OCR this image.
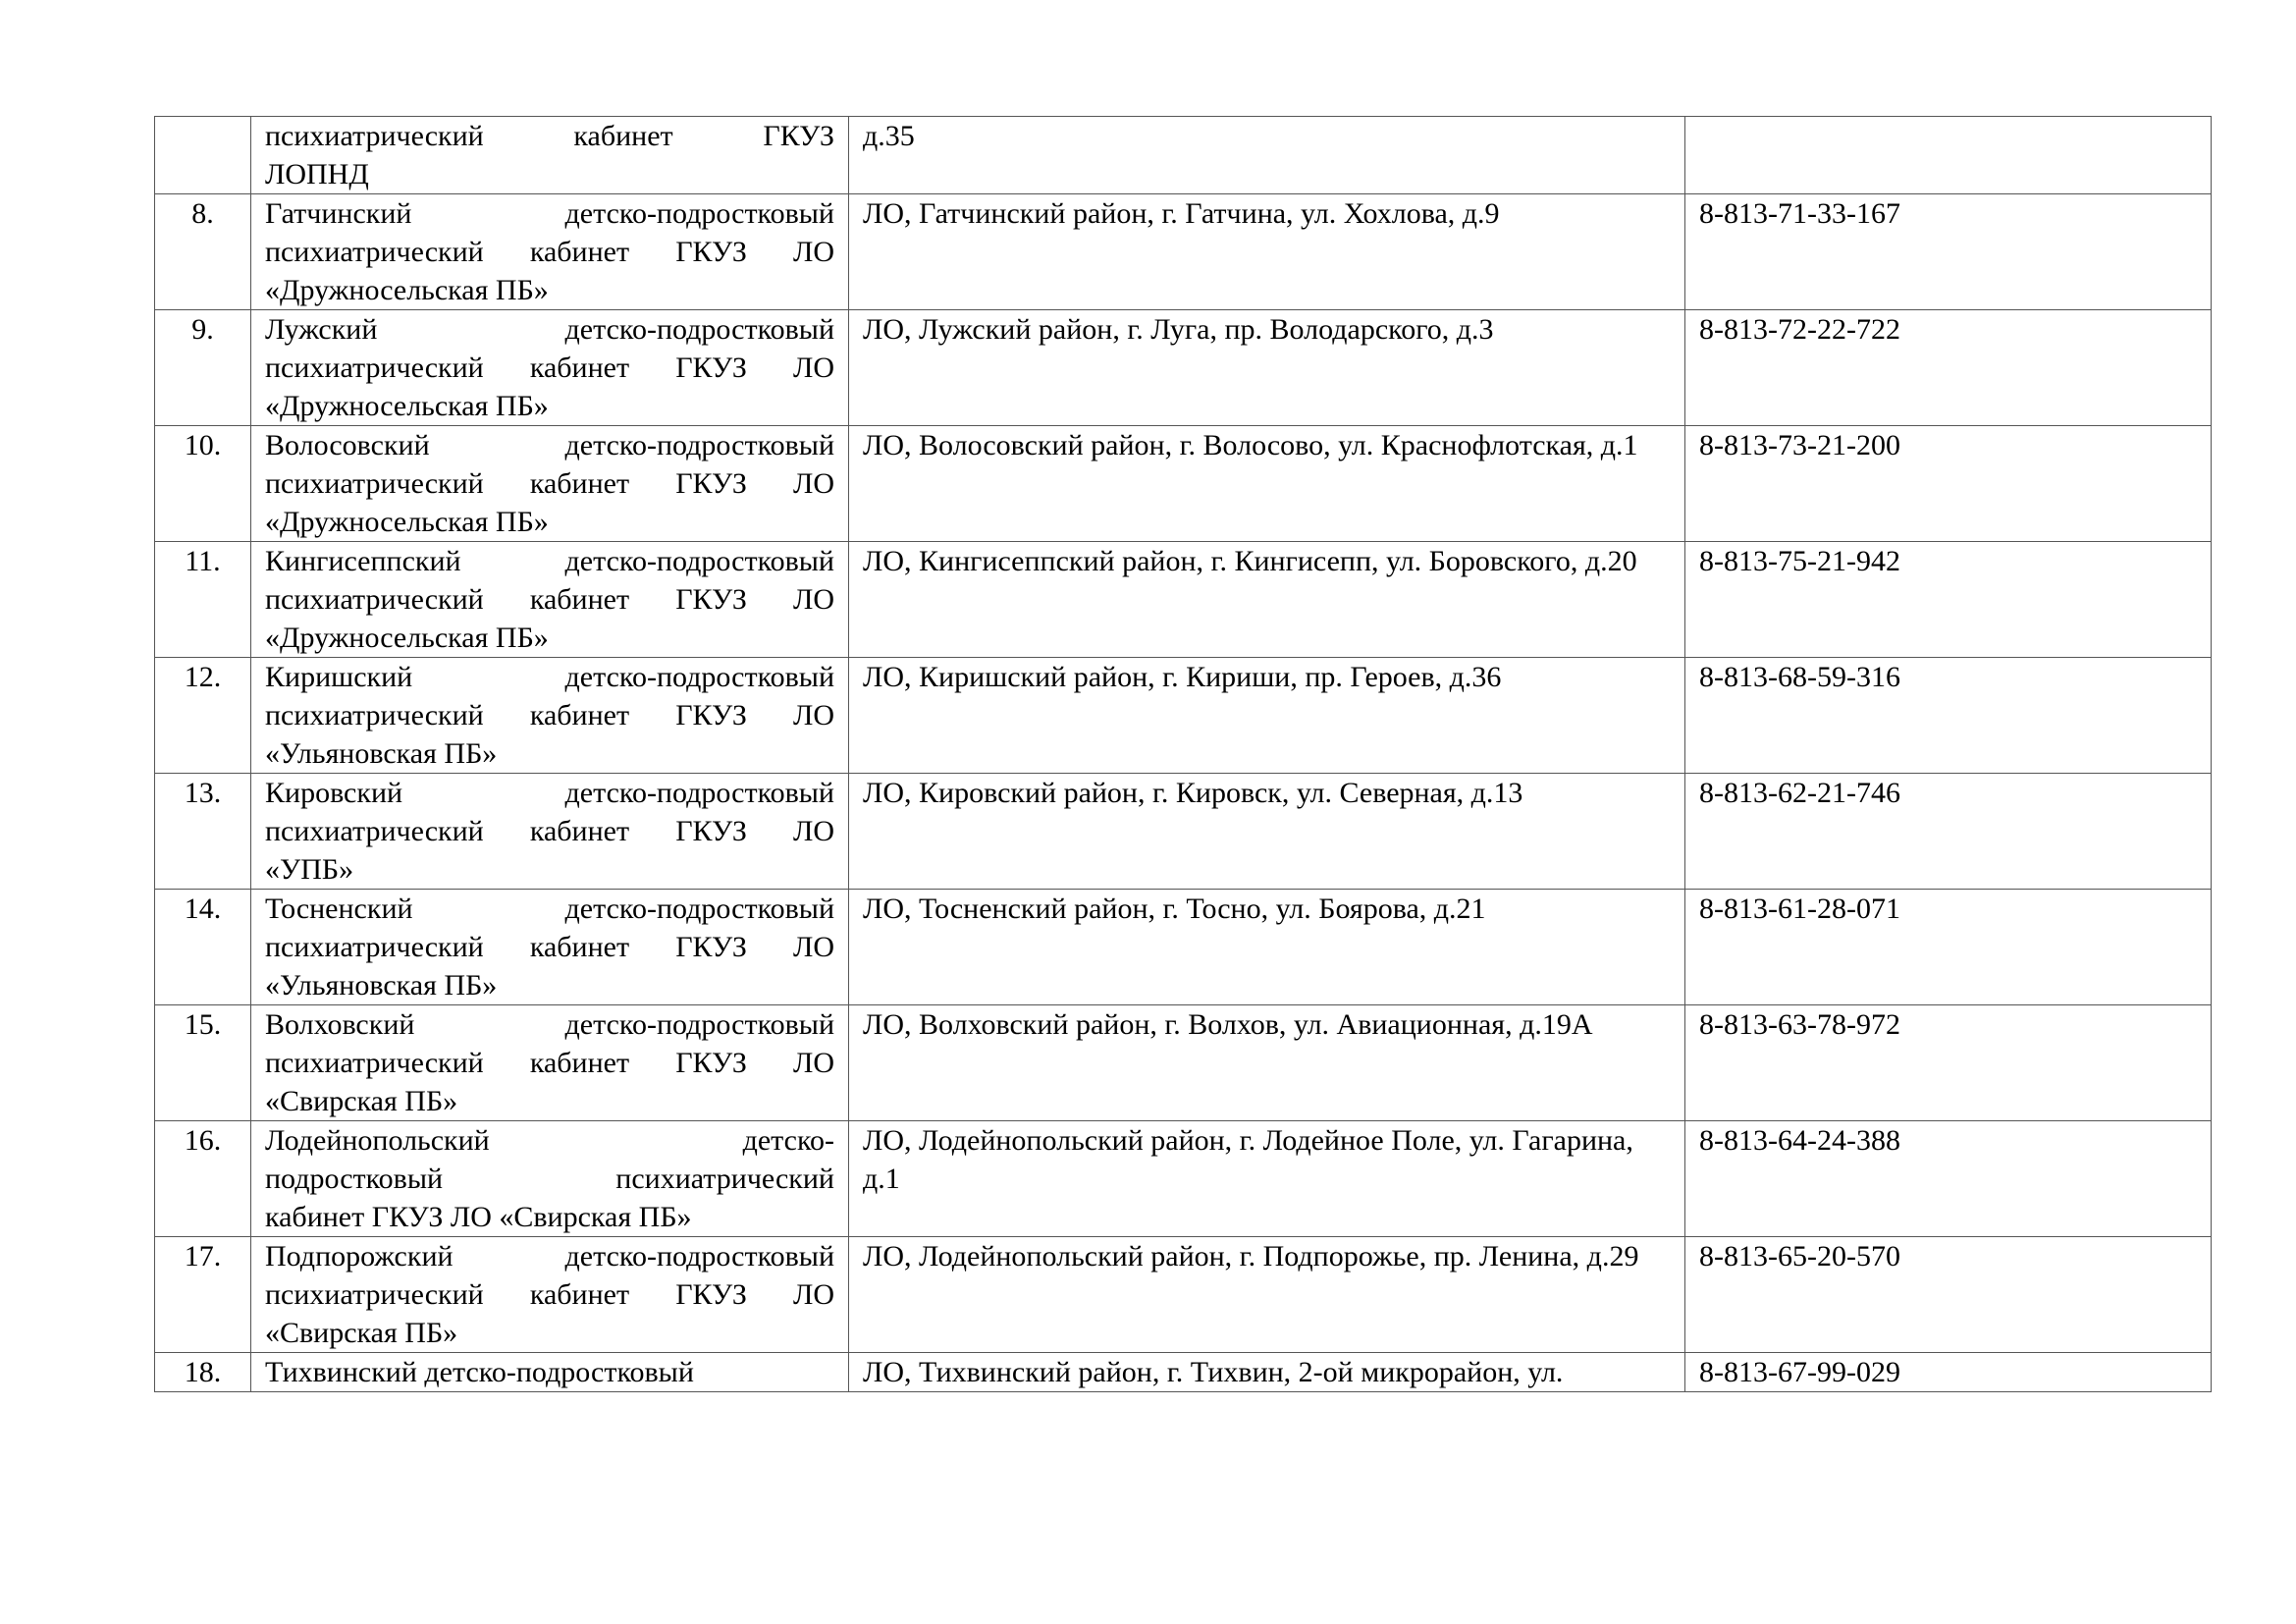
	психиатрический кабинет ГКУЗ
ЛОПНД	д.35	
8.	Гатчинский детско-подростковый
психиатрический кабинет ГКУЗ ЛО
«Дружносельская ПБ»	ЛО, Гатчинский район, г. Гатчина, ул. Хохлова, д.9	8-813-71-33-167
9.	Лужский детско-подростковый
психиатрический кабинет ГКУЗ ЛО
«Дружносельская ПБ»	ЛО, Лужский район, г. Луга, пр. Володарского, д.3	8-813-72-22-722
10.	Волосовский детско-подростковый
психиатрический кабинет ГКУЗ ЛО
«Дружносельская ПБ»	ЛО, Волосовский район, г. Волосово, ул. Краснофлотская, д.1	8-813-73-21-200
11.	Кингисеппский детско-подростковый
психиатрический кабинет ГКУЗ ЛО
«Дружносельская ПБ»	ЛО, Кингисеппский район, г. Кингисепп, ул. Боровского, д.20	8-813-75-21-942
12.	Киришский детско-подростковый
психиатрический кабинет ГКУЗ ЛО
«Ульяновская ПБ»	ЛО, Киришский район, г. Кириши, пр. Героев, д.36	8-813-68-59-316
13.	Кировский детско-подростковый
психиатрический кабинет ГКУЗ ЛО
«УПБ»	ЛО, Кировский район, г. Кировск, ул. Северная, д.13	8-813-62-21-746
14.	Тосненский детско-подростковый
психиатрический кабинет ГКУЗ ЛО
«Ульяновская ПБ»	ЛО, Тосненский район, г. Тосно, ул. Боярова, д.21	8-813-61-28-071
15.	Волховский детско-подростковый
психиатрический кабинет ГКУЗ ЛО
«Свирская ПБ»	ЛО, Волховский район, г. Волхов, ул. Авиационная, д.19А	8-813-63-78-972
16.	Лодейнопольский детско-
подростковый психиатрический
кабинет ГКУЗ ЛО «Свирская ПБ»	ЛО, Лодейнопольский район, г. Лодейное Поле, ул. Гагарина, д.1	8-813-64-24-388
17.	Подпорожский детско-подростковый
психиатрический кабинет ГКУЗ ЛО
«Свирская ПБ»	ЛО, Лодейнопольский район, г. Подпорожье, пр. Ленина, д.29	8-813-65-20-570
18.	Тихвинский детско-подростковый	ЛО, Тихвинский район, г. Тихвин, 2-ой микрорайон, ул.	8-813-67-99-029
